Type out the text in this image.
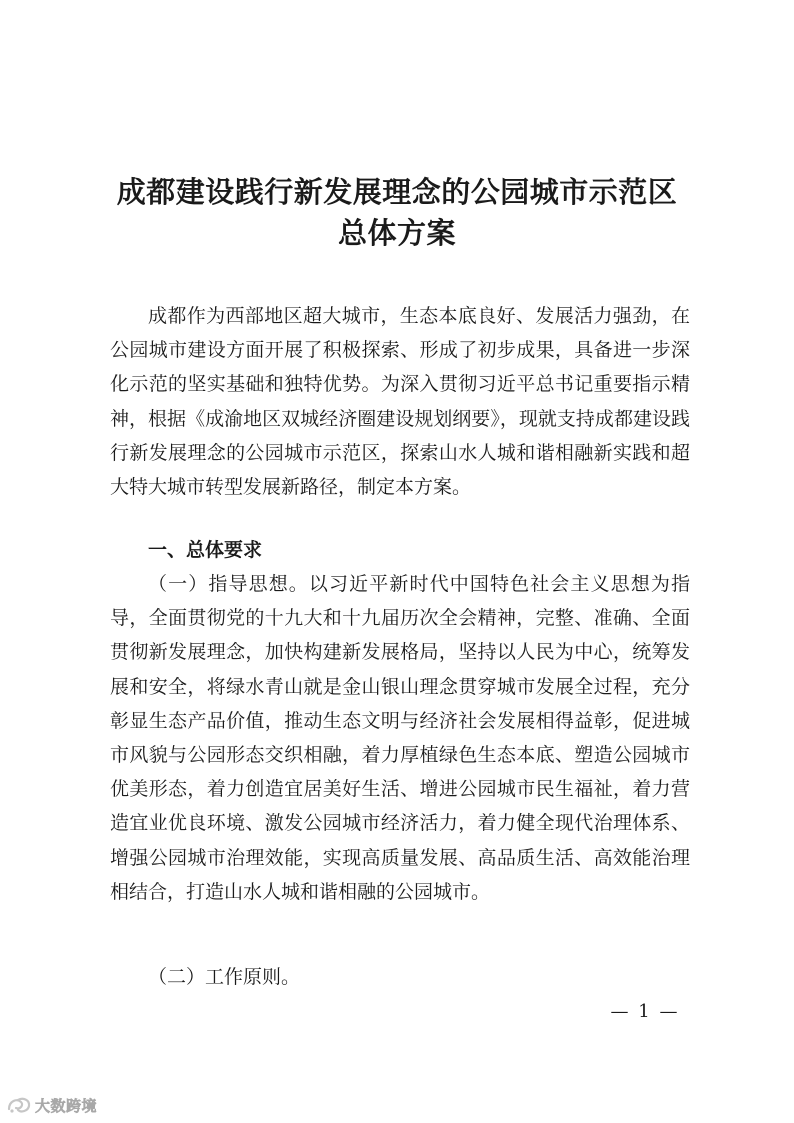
成都建设践行新发展理念的公园城市示范区
总体方案

成都作为西部地区超大城市，生态本底良好、发展活力强劲，在公园城市建设方面开展了积极探索、形成了初步成果，具备进一步深化示范的坚实基础和独特优势。为深入贯彻习近平总书记重要指示精神，根据《成渝地区双城经济圈建设规划纲要》，现就支持成都建设践行新发展理念的公园城市示范区，探索山水人城和谐相融新实践和超大特大城市转型发展新路径，制定本方案。

一、总体要求

（一）指导思想。以习近平新时代中国特色社会主义思想为指导，全面贯彻党的十九大和十九届历次全会精神，完整、准确、全面贯彻新发展理念，加快构建新发展格局，坚持以人民为中心，统筹发展和安全，将绿水青山就是金山银山理念贯穿城市发展全过程，充分彰显生态产品价值，推动生态文明与经济社会发展相得益彰，促进城市风貌与公园形态交织相融，着力厚植绿色生态本底、塑造公园城市优美形态，着力创造宜居美好生活、增进公园城市民生福祉，着力营造宜业优良环境、激发公园城市经济活力，着力健全现代治理体系、增强公园城市治理效能，实现高质量发展、高品质生活、高效能治理相结合，打造山水人城和谐相融的公园城市。

（二）工作原则。

— 1 —
大数跨境
